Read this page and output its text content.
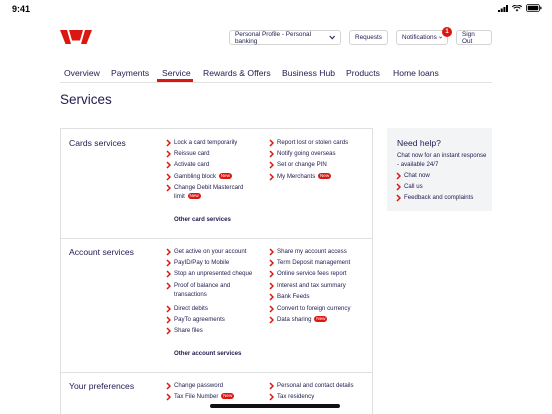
9:41
Personal Profile - Personal banking	Requests	Notifications
1	Sign Out
Overview Payments Service Rewards & Offers Business Hub Products Home loans
Services
Cards services	Lock a card temporarily
Reissue card
Activate card
Gambling block New
Change Debit Mastercard
limit New
Report lost or stolen cards
Notify going overseas
Set or change PIN
My Merchants New
Other card services
Account services	Get active on your account
PayID/Pay to Mobile
Stop an unpresented cheque
Proof of balance and
transactions
Direct debits
PayTo agreements
Share files
Share my account access
Term Deposit management
Online service fees report
Interest and tax summary
Bank Feeds
Convert to foreign currency
Data sharing New
Other account services
Your preferences	Change password
Tax File Number New
Personal and contact details
Tax residency
Need help?
Chat now for an instant response - available 24/7
Chat now
Call us
Feedback and complaints
